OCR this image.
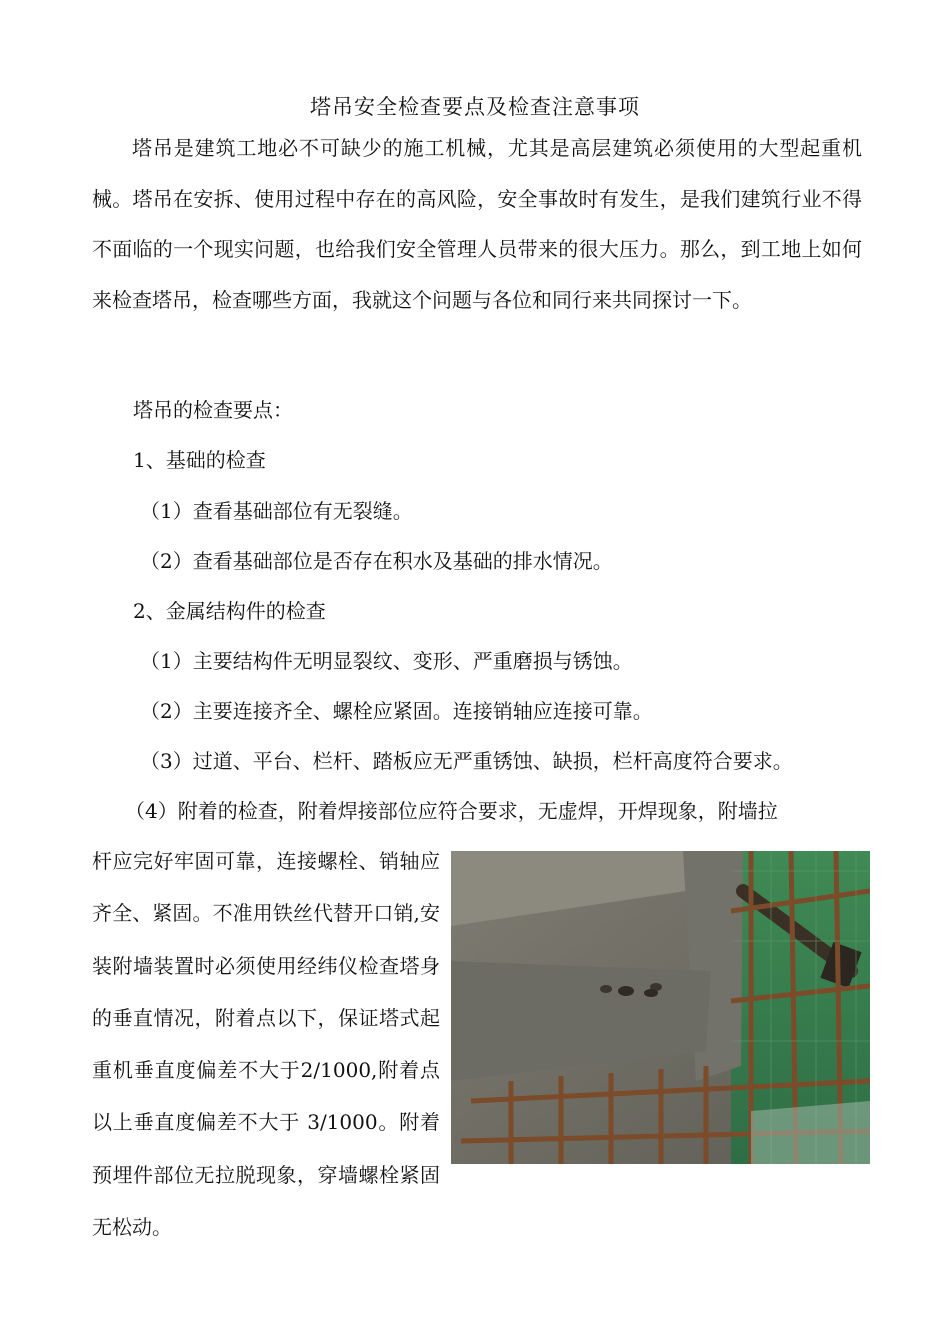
塔吊安全检查要点及检查注意事项

塔吊是建筑工地必不可缺少的施工机械，尤其是高层建筑必须使用的大型起重机械。塔吊在安拆、使用过程中存在的高风险，安全事故时有发生，是我们建筑行业不得不面临的一个现实问题，也给我们安全管理人员带来的很大压力。那么，到工地上如何来检查塔吊，检查哪些方面，我就这个问题与各位和同行来共同探讨一下。

塔吊的检查要点：
1、基础的检查
（1）查看基础部位有无裂缝。
（2）查看基础部位是否存在积水及基础的排水情况。
2、金属结构件的检查
（1）主要结构件无明显裂纹、变形、严重磨损与锈蚀。
（2）主要连接齐全、螺栓应紧固。连接销轴应连接可靠。
（3）过道、平台、栏杆、踏板应无严重锈蚀、缺损，栏杆高度符合要求。
（4）附着的检查，附着焊接部位应符合要求，无虚焊，开焊现象，附墙拉

杆应完好牢固可靠，连接螺栓、销轴应齐全、紧固。不准用铁丝代替开口销,安装附墙装置时必须使用经纬仪检查塔身的垂直情况，附着点以下，保证塔式起重机垂直度偏差不大于2/1000,附着点以上垂直度偏差不大于 3/1000。附着预埋件部位无拉脱现象，穿墙螺栓紧固无松动。
